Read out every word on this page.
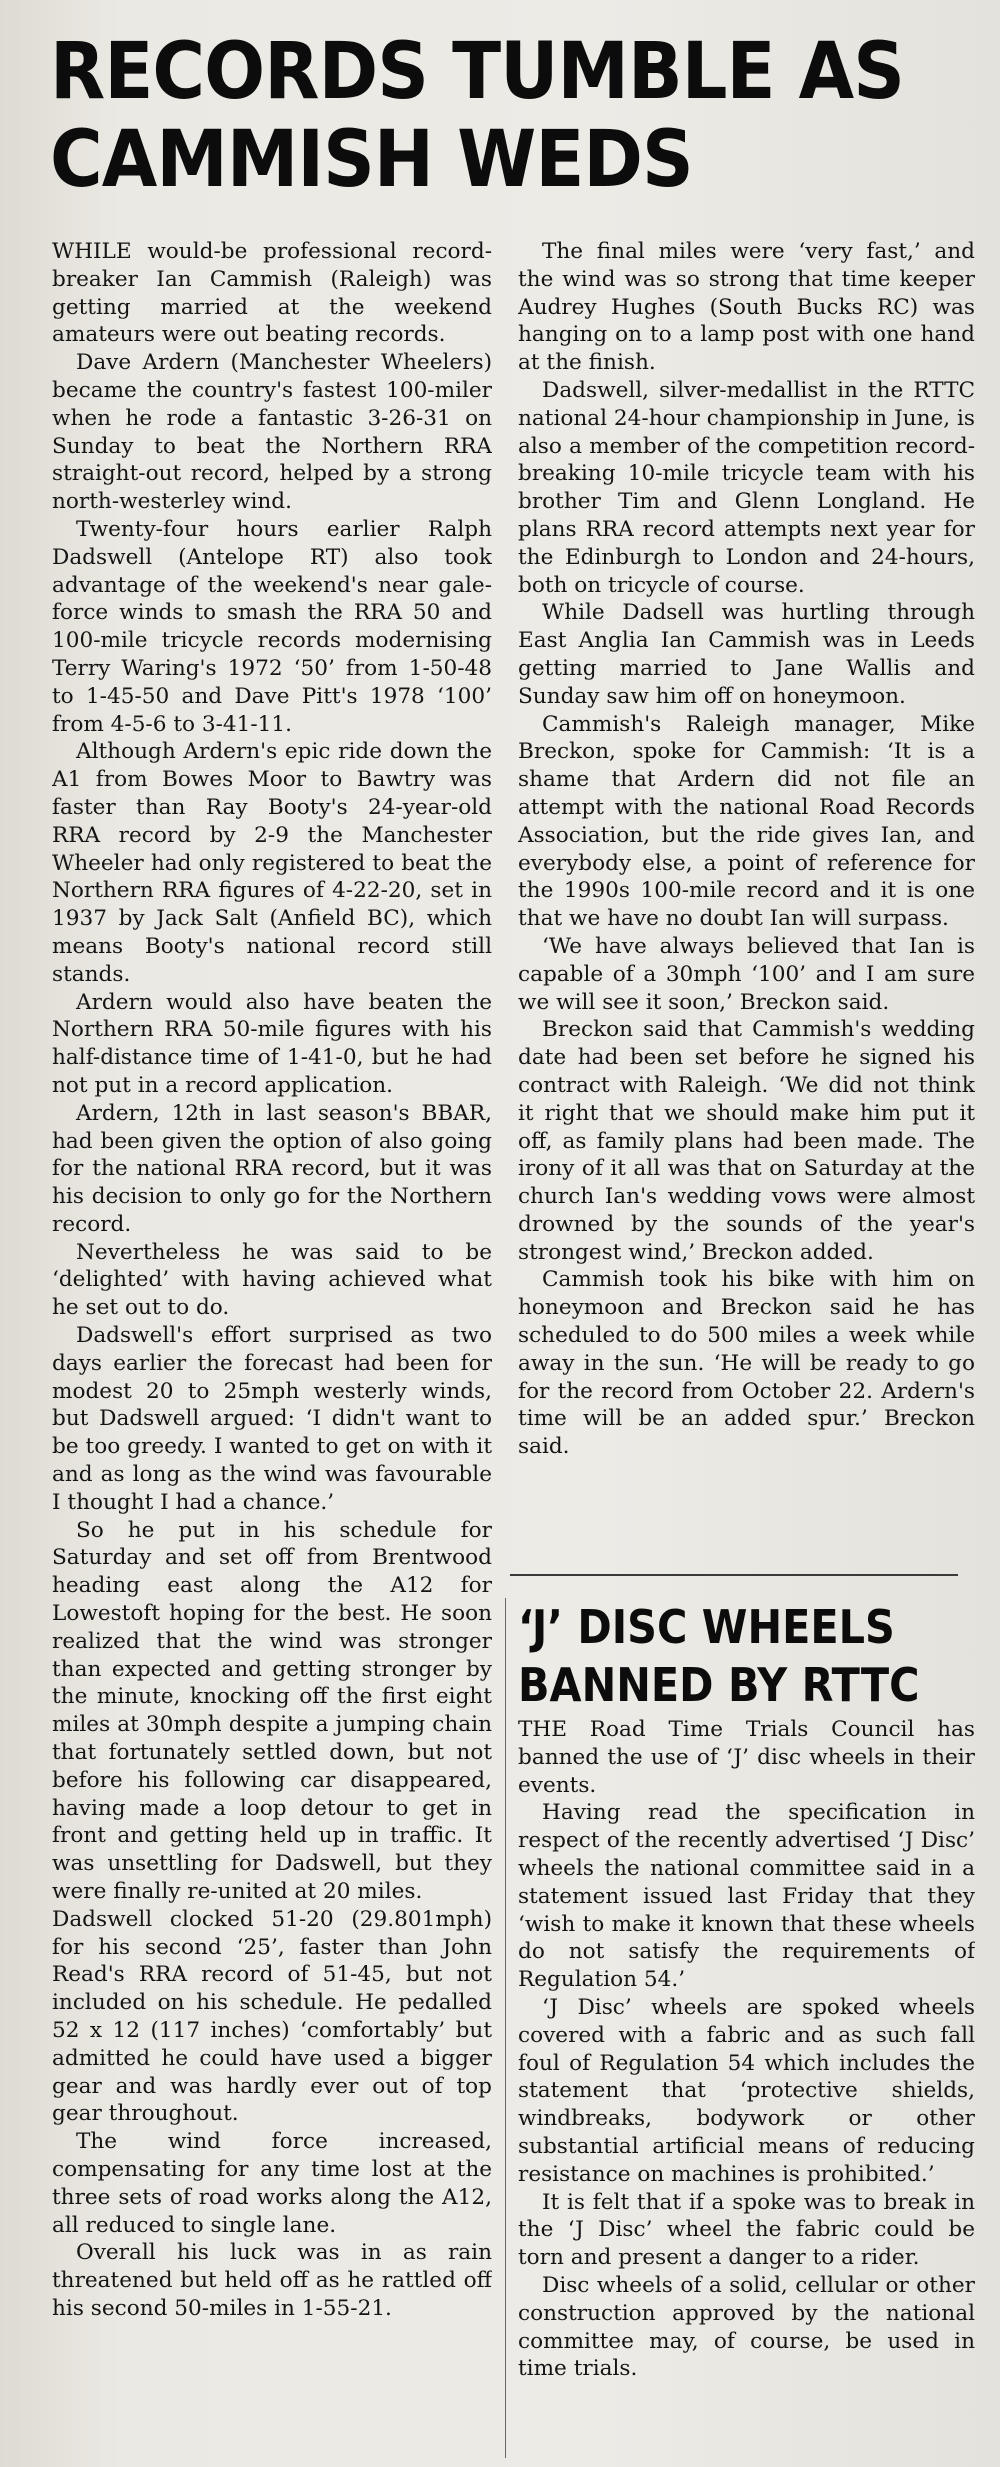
RECORDS TUMBLE AS CAMMISH WEDS

WHILE would-be professional record-breaker Ian Cammish (Raleigh) was getting married at the weekend amateurs were out beating records.

Dave Ardern (Manchester Wheelers) became the country's fastest 100-miler when he rode a fantastic 3-26-31 on Sunday to beat the Northern RRA straight-out record, helped by a strong north-westerley wind.

Twenty-four hours earlier Ralph Dadswell (Antelope RT) also took advantage of the weekend's near gale-force winds to smash the RRA 50 and 100-mile tricycle records modernising Terry Waring's 1972 ‘50’ from 1-50-48 to 1-45-50 and Dave Pitt's 1978 ‘100’ from 4-5-6 to 3-41-11.

Although Ardern's epic ride down the A1 from Bowes Moor to Bawtry was faster than Ray Booty's 24-year-old RRA record by 2-9 the Manchester Wheeler had only registered to beat the Northern RRA figures of 4-22-20, set in 1937 by Jack Salt (Anfield BC), which means Booty's national record still stands.

Ardern would also have beaten the Northern RRA 50-mile figures with his half-distance time of 1-41-0, but he had not put in a record application.

Ardern, 12th in last season's BBAR, had been given the option of also going for the national RRA record, but it was his decision to only go for the Northern record.

Nevertheless he was said to be ‘delighted’ with having achieved what he set out to do.

Dadswell's effort surprised as two days earlier the forecast had been for modest 20 to 25mph westerly winds, but Dadswell argued: ‘I didn't want to be too greedy. I wanted to get on with it and as long as the wind was favourable I thought I had a chance.’

So he put in his schedule for Saturday and set off from Brentwood heading east along the A12 for Lowestoft hoping for the best. He soon realized that the wind was stronger than expected and getting stronger by the minute, knocking off the first eight miles at 30mph despite a jumping chain that fortunately settled down, but not before his following car disappeared, having made a loop detour to get in front and getting held up in traffic. It was unsettling for Dadswell, but they were finally re-united at 20 miles.

Dadswell clocked 51-20 (29.801mph) for his second ‘25’, faster than John Read's RRA record of 51-45, but not included on his schedule. He pedalled 52 x 12 (117 inches) ‘comfortably’ but admitted he could have used a bigger gear and was hardly ever out of top gear throughout.

The wind force increased, compensating for any time lost at the three sets of road works along the A12, all reduced to single lane.

Overall his luck was in as rain threatened but held off as he rattled off his second 50-miles in 1-55-21.

The final miles were ‘very fast,’ and the wind was so strong that time keeper Audrey Hughes (South Bucks RC) was hanging on to a lamp post with one hand at the finish.

Dadswell, silver-medallist in the RTTC national 24-hour championship in June, is also a member of the competition record-breaking 10-mile tricycle team with his brother Tim and Glenn Longland. He plans RRA record attempts next year for the Edinburgh to London and 24-hours, both on tricycle of course.

While Dadsell was hurtling through East Anglia Ian Cammish was in Leeds getting married to Jane Wallis and Sunday saw him off on honeymoon.

Cammish's Raleigh manager, Mike Breckon, spoke for Cammish: ‘It is a shame that Ardern did not file an attempt with the national Road Records Association, but the ride gives Ian, and everybody else, a point of reference for the 1990s 100-mile record and it is one that we have no doubt Ian will surpass.

‘We have always believed that Ian is capable of a 30mph ‘100’ and I am sure we will see it soon,’ Breckon said.

Breckon said that Cammish's wedding date had been set before he signed his contract with Raleigh. ‘We did not think it right that we should make him put it off, as family plans had been made. The irony of it all was that on Saturday at the church Ian's wedding vows were almost drowned by the sounds of the year's strongest wind,’ Breckon added.

Cammish took his bike with him on honeymoon and Breckon said he has scheduled to do 500 miles a week while away in the sun. ‘He will be ready to go for the record from October 22. Ardern's time will be an added spur.’ Breckon said.

‘J’ DISC WHEELS BANNED BY RTTC

THE Road Time Trials Council has banned the use of ‘J’ disc wheels in their events.

Having read the specification in respect of the recently advertised ‘J Disc’ wheels the national committee said in a statement issued last Friday that they ‘wish to make it known that these wheels do not satisfy the requirements of Regulation 54.’

‘J Disc’ wheels are spoked wheels covered with a fabric and as such fall foul of Regulation 54 which includes the statement that ‘protective shields, windbreaks, bodywork or other substantial artificial means of reducing resistance on machines is prohibited.’

It is felt that if a spoke was to break in the ‘J Disc’ wheel the fabric could be torn and present a danger to a rider.

Disc wheels of a solid, cellular or other construction approved by the national committee may, of course, be used in time trials.
